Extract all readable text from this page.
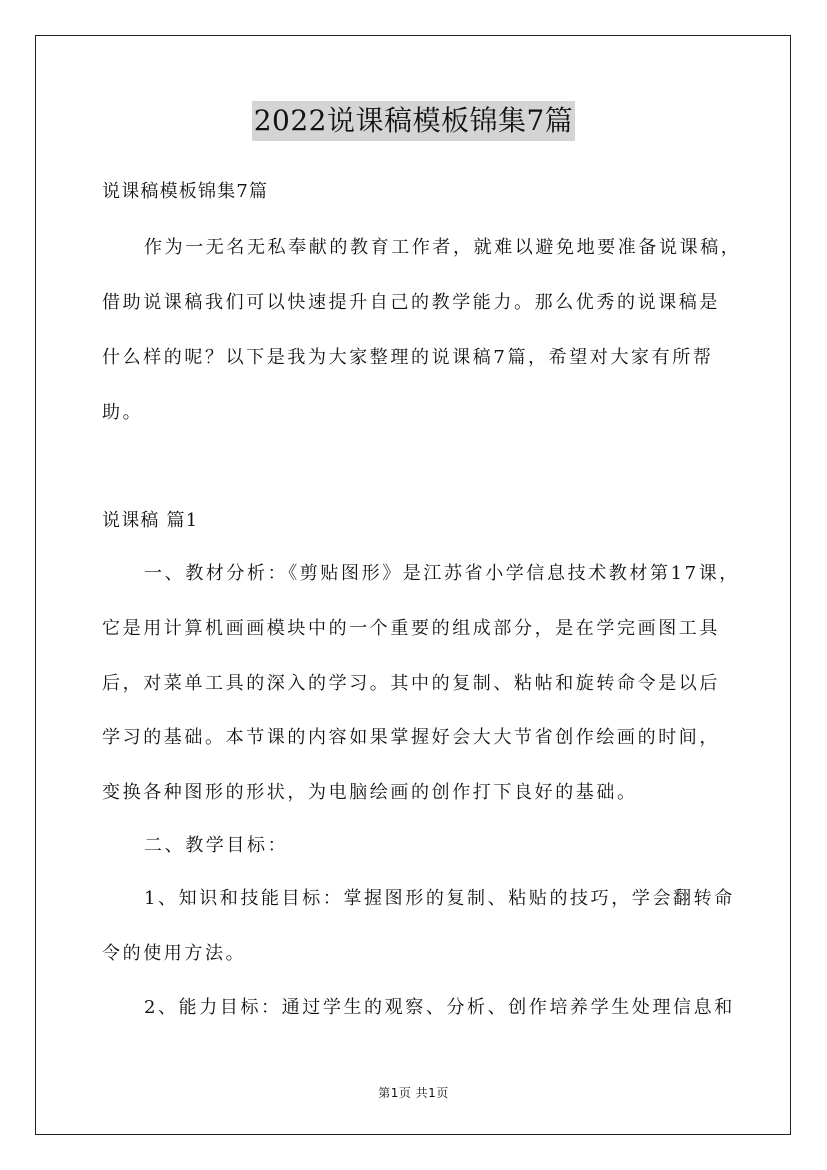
2022说课稿模板锦集7篇
说课稿模板锦集7篇
作为一无名无私奉献的教育工作者，就难以避免地要准备说课稿，
借助说课稿我们可以快速提升自己的教学能力。那么优秀的说课稿是
什么样的呢？以下是我为大家整理的说课稿7篇，希望对大家有所帮
助。
说课稿 篇1
一、教材分析：《剪贴图形》是江苏省小学信息技术教材第17课，
它是用计算机画画模块中的一个重要的组成部分，是在学完画图工具
后，对菜单工具的深入的学习。其中的复制、粘帖和旋转命令是以后
学习的基础。本节课的内容如果掌握好会大大节省创作绘画的时间，
变换各种图形的形状，为电脑绘画的创作打下良好的基础。
二、教学目标：
1、知识和技能目标：掌握图形的复制、粘贴的技巧，学会翻转命
令的使用方法。
2、能力目标：通过学生的观察、分析、创作培养学生处理信息和
第1页 共1页
